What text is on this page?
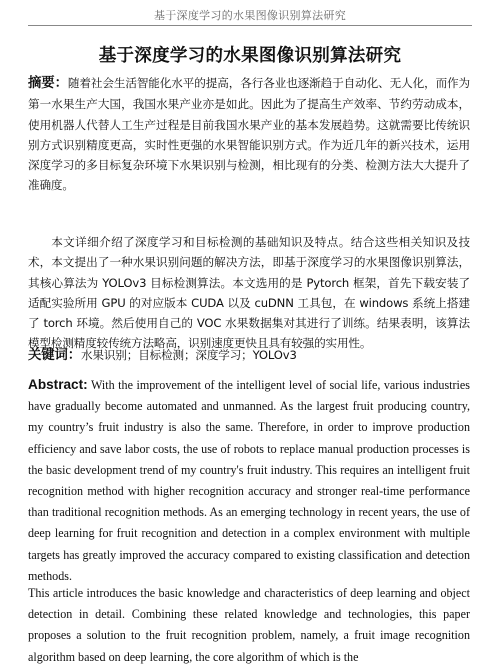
基于深度学习的水果图像识别算法研究
基于深度学习的水果图像识别算法研究

摘要：随着社会生活智能化水平的提高，各行各业也逐渐趋于自动化、无人化，而作为第一水果生产大国，我国水果产业亦是如此。因此为了提高生产效率、节约劳动成本，使用机器人代替人工生产过程是目前我国水果产业的基本发展趋势。这就需要比传统识别方式识别精度更高，实时性更强的水果智能识别方式。作为近几年的新兴技术，运用深度学习的多目标复杂环境下水果识别与检测，相比现有的分类、检测方法大大提升了准确度。

本文详细介绍了深度学习和目标检测的基础知识及特点。结合这些相关知识及技术，本文提出了一种水果识别问题的解决方法，即基于深度学习的水果图像识别算法，其核心算法为 YOLOv3 目标检测算法。本文选用的是 Pytorch 框架，首先下载安装了适配实验所用 GPU 的对应版本 CUDA 以及 cuDNN 工具包，在 windows 系统上搭建了 torch 环境。然后使用自己的 VOC 水果数据集对其进行了训练。结果表明，该算法模型检测精度较传统方法略高，识别速度更快且具有较强的实用性。

关键词：水果识别；目标检测；深度学习；YOLOv3

Abstract: With the improvement of the intelligent level of social life, various industries have gradually become automated and unmanned. As the largest fruit producing country, my country’s fruit industry is also the same. Therefore, in order to improve production efficiency and save labor costs, the use of robots to replace manual production processes is the basic development trend of my country's fruit industry. This requires an intelligent fruit recognition method with higher recognition accuracy and stronger real-time performance than traditional recognition methods. As an emerging technology in recent years, the use of deep learning for fruit recognition and detection in a complex environment with multiple targets has greatly improved the accuracy compared to existing classification and detection methods.

This article introduces the basic knowledge and characteristics of deep learning and object detection in detail. Combining these related knowledge and technologies, this paper proposes a solution to the fruit recognition problem, namely, a fruit image recognition algorithm based on deep learning, the core algorithm of which is the
